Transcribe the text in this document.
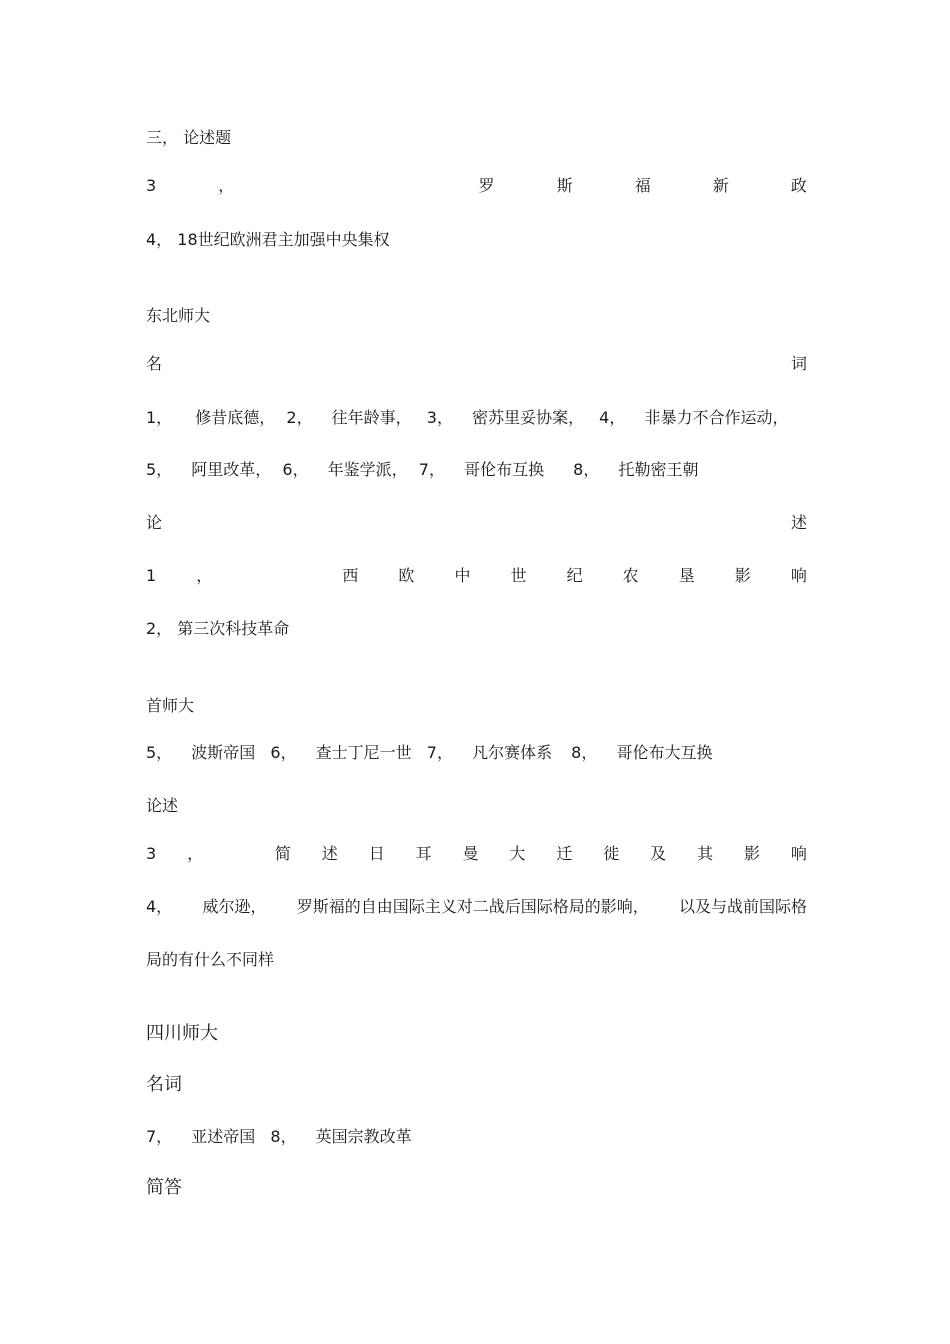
三， 论述题
3	，	罗	斯	福	新	政
4， 18世纪欧洲君主加强中央集权
东北师大
名	词
1， 修昔底德， 2， 往年龄事， 3， 密苏里妥协案， 4， 非暴力不合作运动，
5， 阿里改革， 6， 年鉴学派， 7， 哥伦布互换 8， 托勒密王朝
论	述
1	，	西	欧	中	世	纪	农	垦	影	响
2， 第三次科技革命
首师大
5， 波斯帝国 6， 查士丁尼一世 7， 凡尔赛体系 8， 哥伦布大互换
论述
3 ，	简 述 日 耳 曼 大 迁 徙 及 其 影 响
4， 威尔逊， 罗斯福的自由国际主义对二战后国际格局的影响， 以及与战前国际格
局的有什么不同样
四川师大
名词
7， 亚述帝国 8， 英国宗教改革
简答
